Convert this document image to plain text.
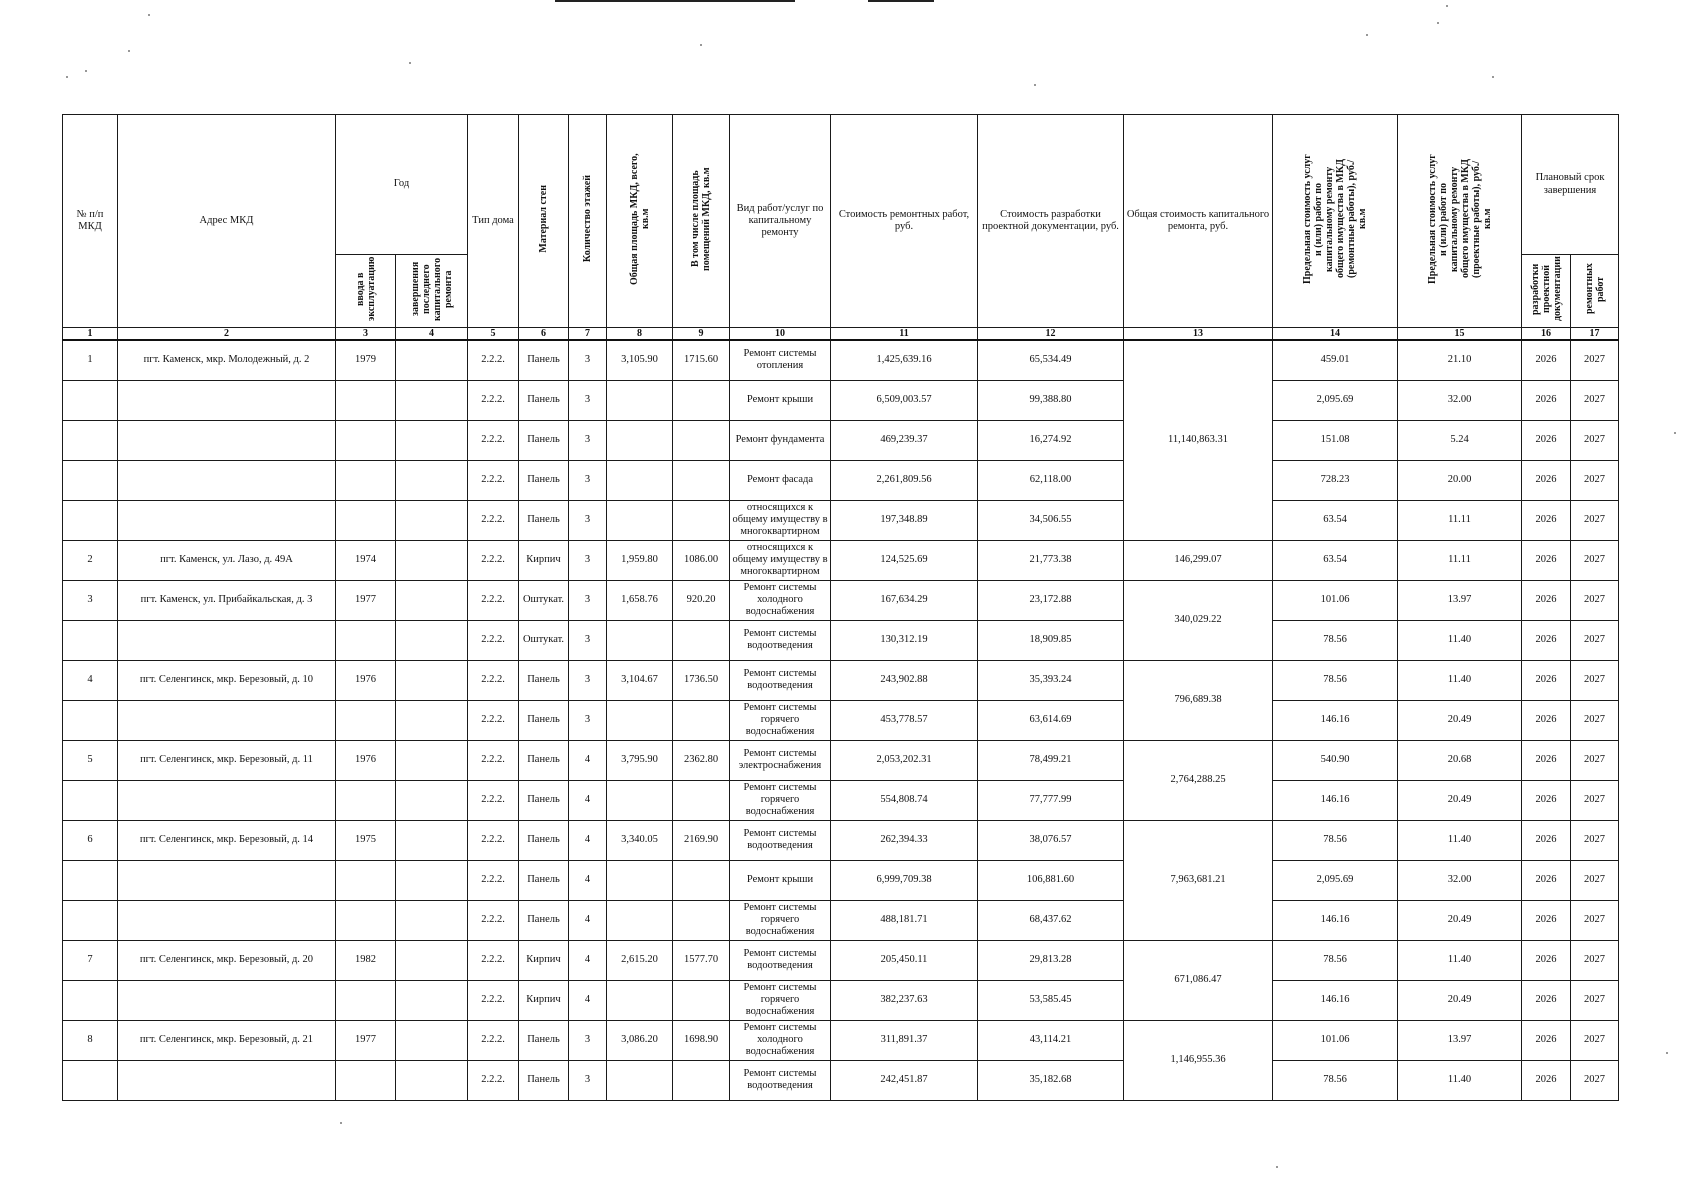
№ п/п МКД	Адрес МКД	Год		Тип дома	Материал стен	Количество этажей	Общая площадь МКД, всего, кв.м	В том числе площадь помещений МКД, кв.м	Вид работ/услуг по капитальному ремонту	Стоимость ремонтных работ, руб.	Стоимость разработки проектной документации, руб.	Общая стоимость капитального ремонта, руб.	Предельная стоимость услуг и (или) работ по капитальному ремонту общего имущества в МКД (ремонтные работы), руб./кв.м	Предельная стоимость услуг и (или) работ по капитальному ремонту общего имущества в МКД (проектные работы), руб./кв.м	Плановый срок завершения	
		ввода в эксплуатацию	завершения последнего капитального ремонта												разработки проектной документации	ремонтных работ
1	2	3	4	5	6	7	8	9	10	11	12	13	14	15	16	17
1	пгт. Каменск, мкр. Молодежный, д. 2	1979		2.2.2.	Панель	3	3,105.90	1715.60	Ремонт системы отопления	1,425,639.16	65,534.49	11,140,863.31	459.01	21.10	2026	2027
				2.2.2.	Панель	3			Ремонт крыши	6,509,003.57	99,388.80		2,095.69	32.00	2026	2027
				2.2.2.	Панель	3			Ремонт фундамента	469,239.37	16,274.92		151.08	5.24	2026	2027
				2.2.2.	Панель	3			Ремонт фасада	2,261,809.56	62,118.00		728.23	20.00	2026	2027
				2.2.2.	Панель	3			относящихся к общему имуществу в многоквартирном	197,348.89	34,506.55		63.54	11.11	2026	2027
2	пгт. Каменск, ул. Лазо, д. 49А	1974		2.2.2.	Кирпич	3	1,959.80	1086.00	относящихся к общему имуществу в многоквартирном	124,525.69	21,773.38	146,299.07	63.54	11.11	2026	2027
3	пгт. Каменск, ул. Прибайкальская, д. 3	1977		2.2.2.	Оштукат.	3	1,658.76	920.20	Ремонт системы холодного водоснабжения	167,634.29	23,172.88	340,029.22	101.06	13.97	2026	2027
				2.2.2.	Оштукат.	3			Ремонт системы водоотведения	130,312.19	18,909.85		78.56	11.40	2026	2027
4	пгт. Селенгинск, мкр. Березовый, д. 10	1976		2.2.2.	Панель	3	3,104.67	1736.50	Ремонт системы водоотведения	243,902.88	35,393.24	796,689.38	78.56	11.40	2026	2027
				2.2.2.	Панель	3			Ремонт системы горячего водоснабжения	453,778.57	63,614.69		146.16	20.49	2026	2027
5	пгт. Селенгинск, мкр. Березовый, д. 11	1976		2.2.2.	Панель	4	3,795.90	2362.80	Ремонт системы электроснабжения	2,053,202.31	78,499.21	2,764,288.25	540.90	20.68	2026	2027
				2.2.2.	Панель	4			Ремонт системы горячего водоснабжения	554,808.74	77,777.99		146.16	20.49	2026	2027
6	пгт. Селенгинск, мкр. Березовый, д. 14	1975		2.2.2.	Панель	4	3,340.05	2169.90	Ремонт системы водоотведения	262,394.33	38,076.57	7,963,681.21	78.56	11.40	2026	2027
				2.2.2.	Панель	4			Ремонт крыши	6,999,709.38	106,881.60		2,095.69	32.00	2026	2027
				2.2.2.	Панель	4			Ремонт системы горячего водоснабжения	488,181.71	68,437.62		146.16	20.49	2026	2027
7	пгт. Селенгинск, мкр. Березовый, д. 20	1982		2.2.2.	Кирпич	4	2,615.20	1577.70	Ремонт системы водоотведения	205,450.11	29,813.28	671,086.47	78.56	11.40	2026	2027
				2.2.2.	Кирпич	4			Ремонт системы горячего водоснабжения	382,237.63	53,585.45		146.16	20.49	2026	2027
8	пгт. Селенгинск, мкр. Березовый, д. 21	1977		2.2.2.	Панель	3	3,086.20	1698.90	Ремонт системы холодного водоснабжения	311,891.37	43,114.21	1,146,955.36	101.06	13.97	2026	2027
				2.2.2.	Панель	3			Ремонт системы водоотведения	242,451.87	35,182.68		78.56	11.40	2026	2027
